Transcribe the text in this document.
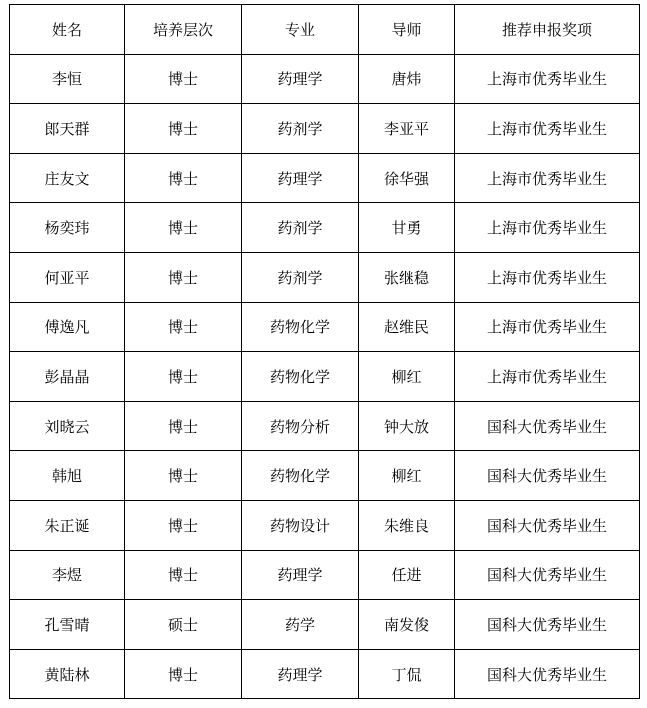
姓名	培养层次	专业	导师	推荐申报奖项
李恒	博士	药理学	唐炜	上海市优秀毕业生
郎天群	博士	药剂学	李亚平	上海市优秀毕业生
庄友文	博士	药理学	徐华强	上海市优秀毕业生
杨奕玮	博士	药剂学	甘勇	上海市优秀毕业生
何亚平	博士	药剂学	张继稳	上海市优秀毕业生
傅逸凡	博士	药物化学	赵维民	上海市优秀毕业生
彭晶晶	博士	药物化学	柳红	上海市优秀毕业生
刘晓云	博士	药物分析	钟大放	国科大优秀毕业生
韩旭	博士	药物化学	柳红	国科大优秀毕业生
朱正诞	博士	药物设计	朱维良	国科大优秀毕业生
李煜	博士	药理学	任进	国科大优秀毕业生
孔雪晴	硕士	药学	南发俊	国科大优秀毕业生
黄陆林	博士	药理学	丁侃	国科大优秀毕业生
